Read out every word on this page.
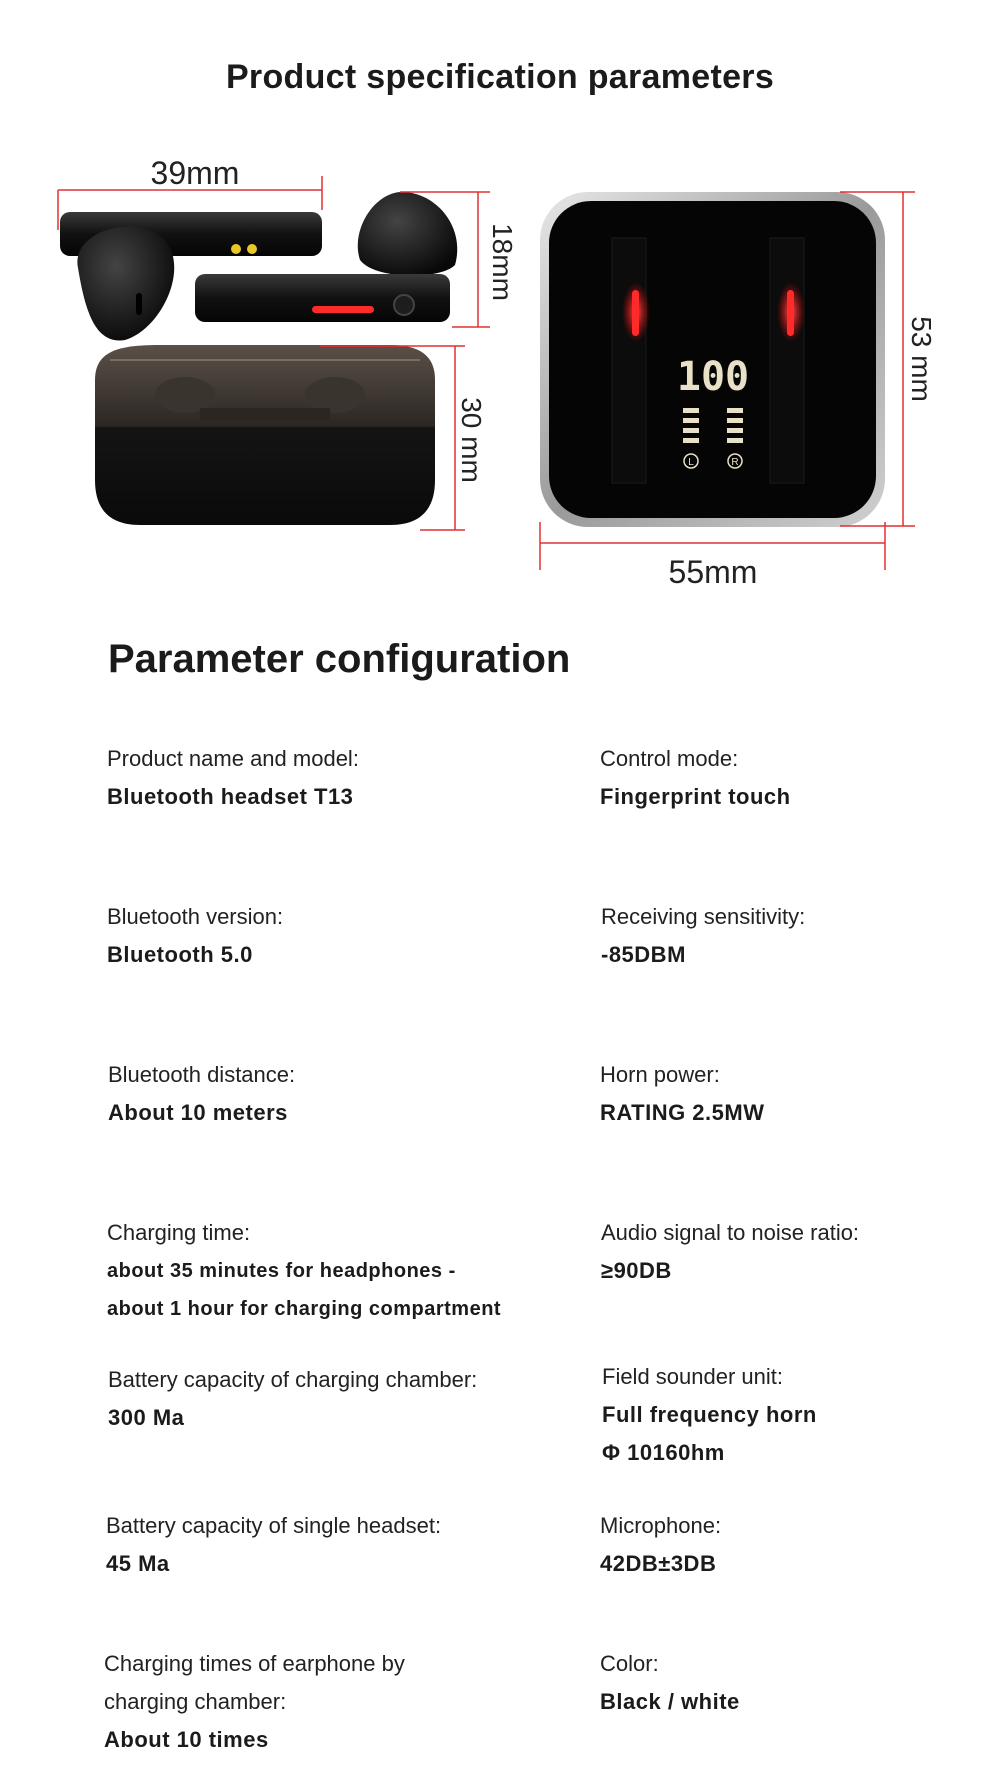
Product specification parameters
39mm
18mm
30 mm
100
L	R
53 mm
55mm
Parameter configuration
Product name and model:
Bluetooth headset T13
Bluetooth version:
Bluetooth 5.0
Bluetooth distance:
About 10 meters
Charging time:
about 35 minutes for headphones -
about 1 hour for charging compartment
Battery capacity of charging chamber:
300 Ma
Battery capacity of single headset:
45 Ma
Charging times of earphone by
charging chamber:
About 10 times
Control mode:
Fingerprint touch
Receiving sensitivity:
-85DBM
Horn power:
RATING 2.5MW
Audio signal to noise ratio:
≥90DB
Field sounder unit:
Full frequency horn
Φ 10160hm
Microphone:
42DB±3DB
Color:
Black / white
